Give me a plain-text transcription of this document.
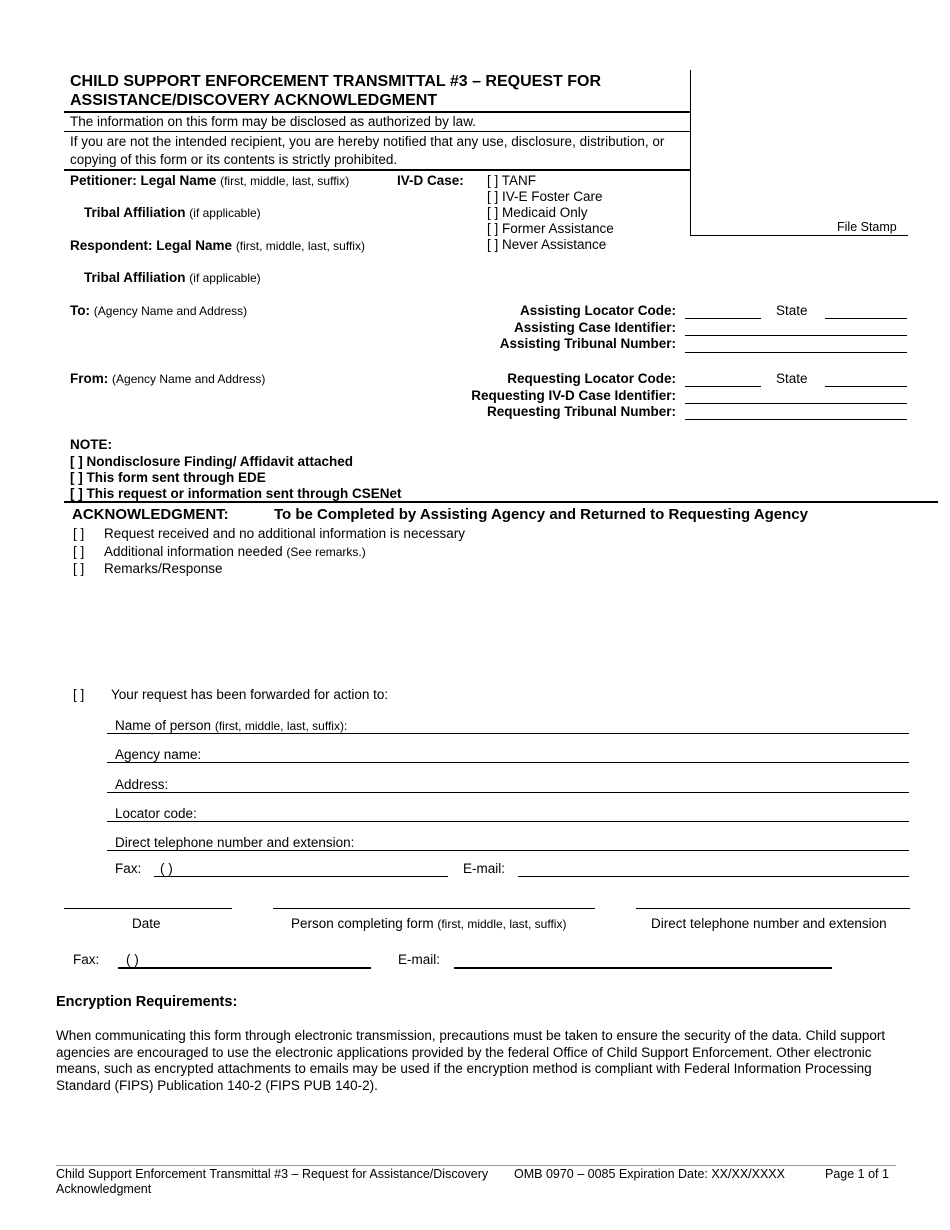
CHILD SUPPORT ENFORCEMENT TRANSMITTAL #3 – REQUEST FOR
ASSISTANCE/DISCOVERY ACKNOWLEDGMENT
The information on this form may be disclosed as authorized by law.
If you are not the intended recipient, you are hereby notified that any use, disclosure, distribution, or
copying of this form or its contents is strictly prohibited.
File Stamp
Petitioner: Legal Name (first, middle, last, suffix)
Tribal Affiliation (if applicable)
Respondent: Legal Name (first, middle, last, suffix)
Tribal Affiliation (if applicable)
IV-D Case: [ ] TANF
[ ] IV-E Foster Care
[ ] Medicaid Only
[ ] Former Assistance
[ ] Never Assistance
To: (Agency Name and Address)	Assisting Locator Code:	State
Assisting Case Identifier:
Assisting Tribunal Number:
From: (Agency Name and Address)	Requesting Locator Code:	State
Requesting IV-D Case Identifier:
Requesting Tribunal Number:
NOTE:
[ ] Nondisclosure Finding/ Affidavit attached
[ ] This form sent through EDE
[ ] This request or information sent through CSENet
ACKNOWLEDGMENT:	To be Completed by Assisting Agency and Returned to Requesting Agency
[ ] Request received and no additional information is necessary
[ ] Additional information needed (See remarks.)
[ ] Remarks/Response
[ ] Your request has been forwarded for action to:
Name of person (first, middle, last, suffix):
Agency name:
Address:
Locator code:
Direct telephone number and extension:
Fax: ( )	E-mail:
Date	Person completing form (first, middle, last, suffix)	Direct telephone number and extension
Fax: ( )	E-mail:
Encryption Requirements:
When communicating this form through electronic transmission, precautions must be taken to ensure the security of the data. Child support agencies are encouraged to use the electronic applications provided by the federal Office of Child Support Enforcement. Other electronic means, such as encrypted attachments to emails may be used if the encryption method is compliant with Federal Information Processing Standard (FIPS) Publication 140-2 (FIPS PUB 140-2).
Child Support Enforcement Transmittal #3 – Request for Assistance/Discovery
Acknowledgment
OMB 0970 – 0085 Expiration Date: XX/XX/XXXX	Page 1 of 1
